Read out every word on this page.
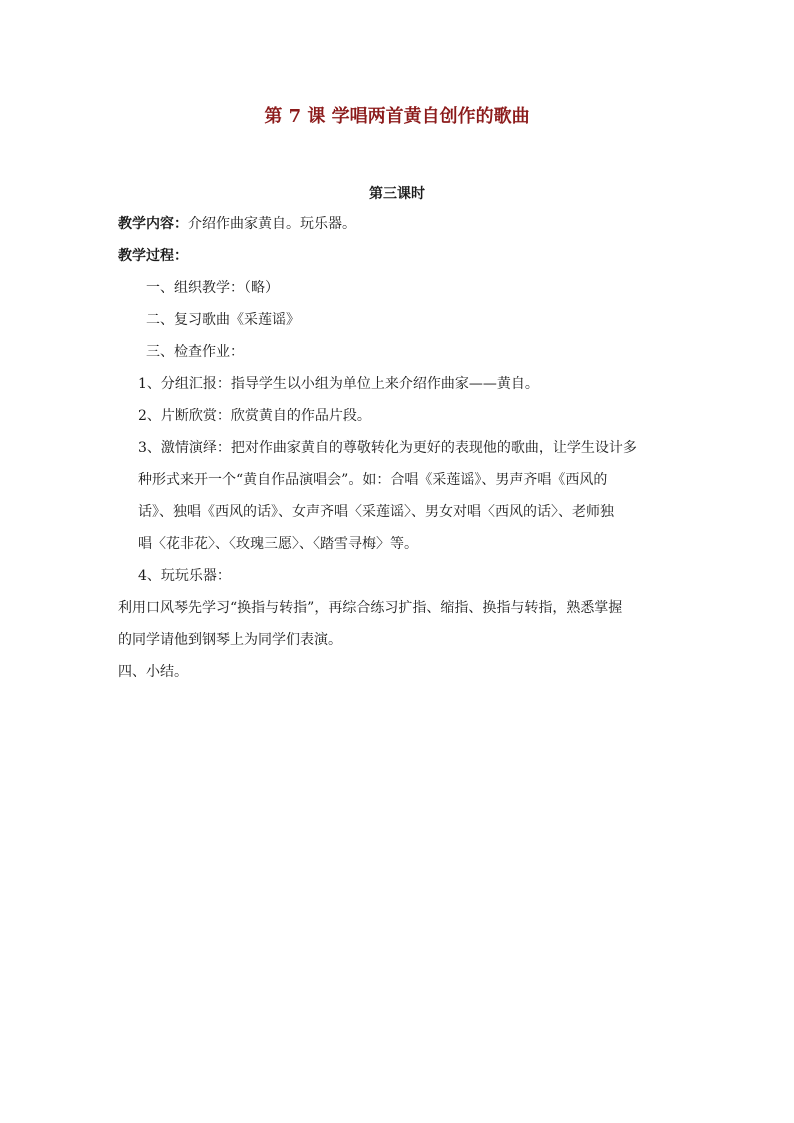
第 7 课 学唱两首黄自创作的歌曲
第三课时
教学内容：介绍作曲家黄自。玩乐器。
教学过程：
一、组织教学：（略）
二、复习歌曲《采莲谣》
三、检查作业：
1、分组汇报：指导学生以小组为单位上来介绍作曲家——黄自。
2、片断欣赏：欣赏黄自的作品片段。
3、激情演绎：把对作曲家黄自的尊敬转化为更好的表现他的歌曲，让学生设计多
种形式来开一个“黄自作品演唱会”。如：合唱《采莲谣》、男声齐唱《西风的
话》、独唱《西风的话》、女声齐唱〈采莲谣〉、男女对唱〈西风的话〉、老师独
唱〈花非花〉、〈玫瑰三愿〉、〈踏雪寻梅〉等。
4、玩玩乐器：
利用口风琴先学习“换指与转指”，再综合练习扩指、缩指、换指与转指，熟悉掌握
的同学请他到钢琴上为同学们表演。
四、小结。
